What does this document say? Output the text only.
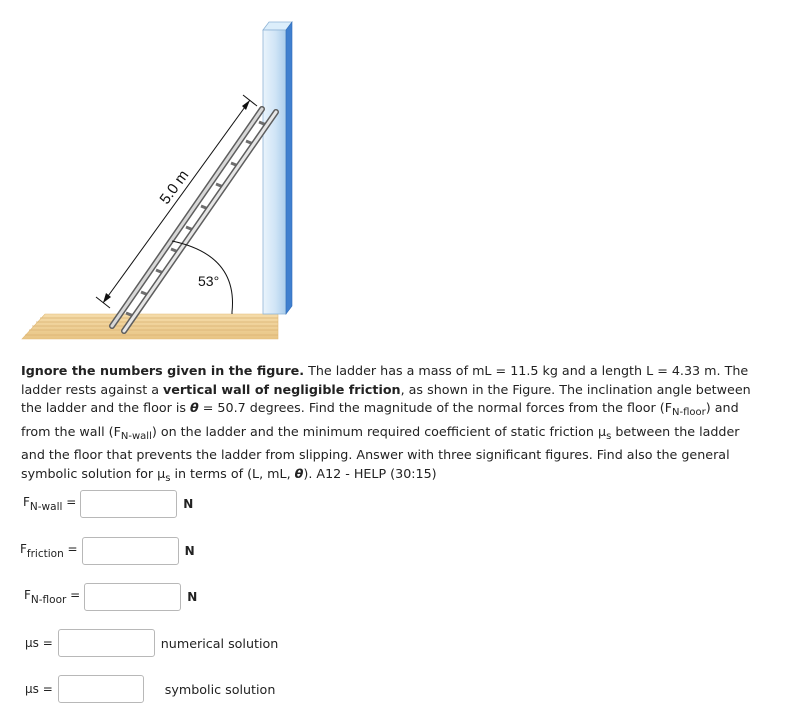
5.0 m
53°
Ignore the numbers given in the figure. The ladder has a mass of mL = 11.5 kg and a length L = 4.33 m. The ladder rests against a vertical wall of negligible friction, as shown in the Figure. The inclination angle between the ladder and the floor is θ = 50.7 degrees. Find the magnitude of the normal forces from the floor $(F_{N-floor})$ and from the wall $(F_{N-wall})$ on the ladder and the minimum required coefficient of static friction $\mu_s$ between the ladder and the floor that prevents the ladder from slipping. Answer with three significant figures. Find also the general symbolic solution for $\mu_s$ in terms of (L, mL, θ). A12 - HELP (30:15)
FN-wall =	N
Ffriction =	N
FN-floor =	N
μs =	numerical solution
μs =	symbolic solution
